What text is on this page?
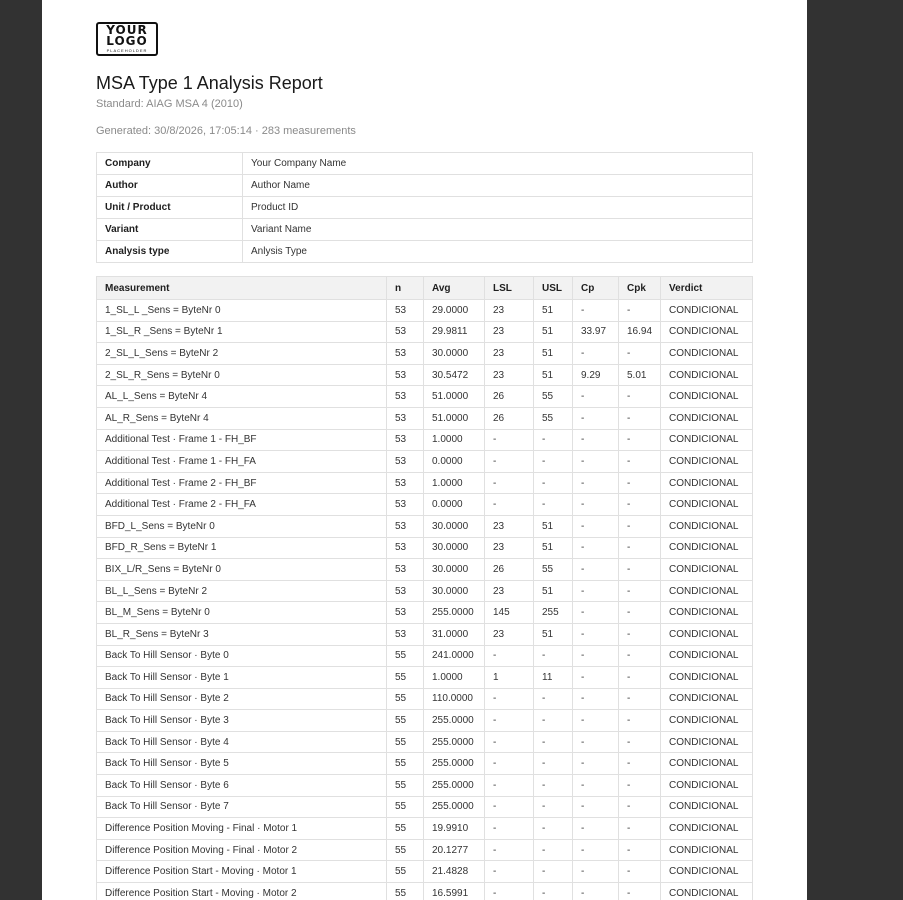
YOUR
LOGO
PLACEHOLDER
MSA Type 1 Analysis Report
Standard: AIAG MSA 4 (2010)
Generated: 30/8/2026, 17:05:14 · 283 measurements
Company	Your Company Name
Author	Author Name
Unit / Product	Product ID
Variant	Variant Name
Analysis type	Anlysis Type
Measurement	n	Avg	LSL	USL	Cp	Cpk	Verdict
1_SL_L _Sens = ByteNr 0	53	29.0000	23	51	-	-	CONDICIONAL
1_SL_R _Sens = ByteNr 1	53	29.9811	23	51	33.97	16.94	CONDICIONAL
2_SL_L_Sens = ByteNr 2	53	30.0000	23	51	-	-	CONDICIONAL
2_SL_R_Sens = ByteNr 0	53	30.5472	23	51	9.29	5.01	CONDICIONAL
AL_L_Sens = ByteNr 4	53	51.0000	26	55	-	-	CONDICIONAL
AL_R_Sens = ByteNr 4	53	51.0000	26	55	-	-	CONDICIONAL
Additional Test · Frame 1 - FH_BF	53	1.0000	-	-	-	-	CONDICIONAL
Additional Test · Frame 1 - FH_FA	53	0.0000	-	-	-	-	CONDICIONAL
Additional Test · Frame 2 - FH_BF	53	1.0000	-	-	-	-	CONDICIONAL
Additional Test · Frame 2 - FH_FA	53	0.0000	-	-	-	-	CONDICIONAL
BFD_L_Sens = ByteNr 0	53	30.0000	23	51	-	-	CONDICIONAL
BFD_R_Sens = ByteNr 1	53	30.0000	23	51	-	-	CONDICIONAL
BIX_L/R_Sens = ByteNr 0	53	30.0000	26	55	-	-	CONDICIONAL
BL_L_Sens = ByteNr 2	53	30.0000	23	51	-	-	CONDICIONAL
BL_M_Sens = ByteNr 0	53	255.0000	145	255	-	-	CONDICIONAL
BL_R_Sens = ByteNr 3	53	31.0000	23	51	-	-	CONDICIONAL
Back To Hill Sensor · Byte 0	55	241.0000	-	-	-	-	CONDICIONAL
Back To Hill Sensor · Byte 1	55	1.0000	1	11	-	-	CONDICIONAL
Back To Hill Sensor · Byte 2	55	110.0000	-	-	-	-	CONDICIONAL
Back To Hill Sensor · Byte 3	55	255.0000	-	-	-	-	CONDICIONAL
Back To Hill Sensor · Byte 4	55	255.0000	-	-	-	-	CONDICIONAL
Back To Hill Sensor · Byte 5	55	255.0000	-	-	-	-	CONDICIONAL
Back To Hill Sensor · Byte 6	55	255.0000	-	-	-	-	CONDICIONAL
Back To Hill Sensor · Byte 7	55	255.0000	-	-	-	-	CONDICIONAL
Difference Position Moving - Final · Motor 1	55	19.9910	-	-	-	-	CONDICIONAL
Difference Position Moving - Final · Motor 2	55	20.1277	-	-	-	-	CONDICIONAL
Difference Position Start - Moving · Motor 1	55	21.4828	-	-	-	-	CONDICIONAL
Difference Position Start - Moving · Motor 2	55	16.5991	-	-	-	-	CONDICIONAL
